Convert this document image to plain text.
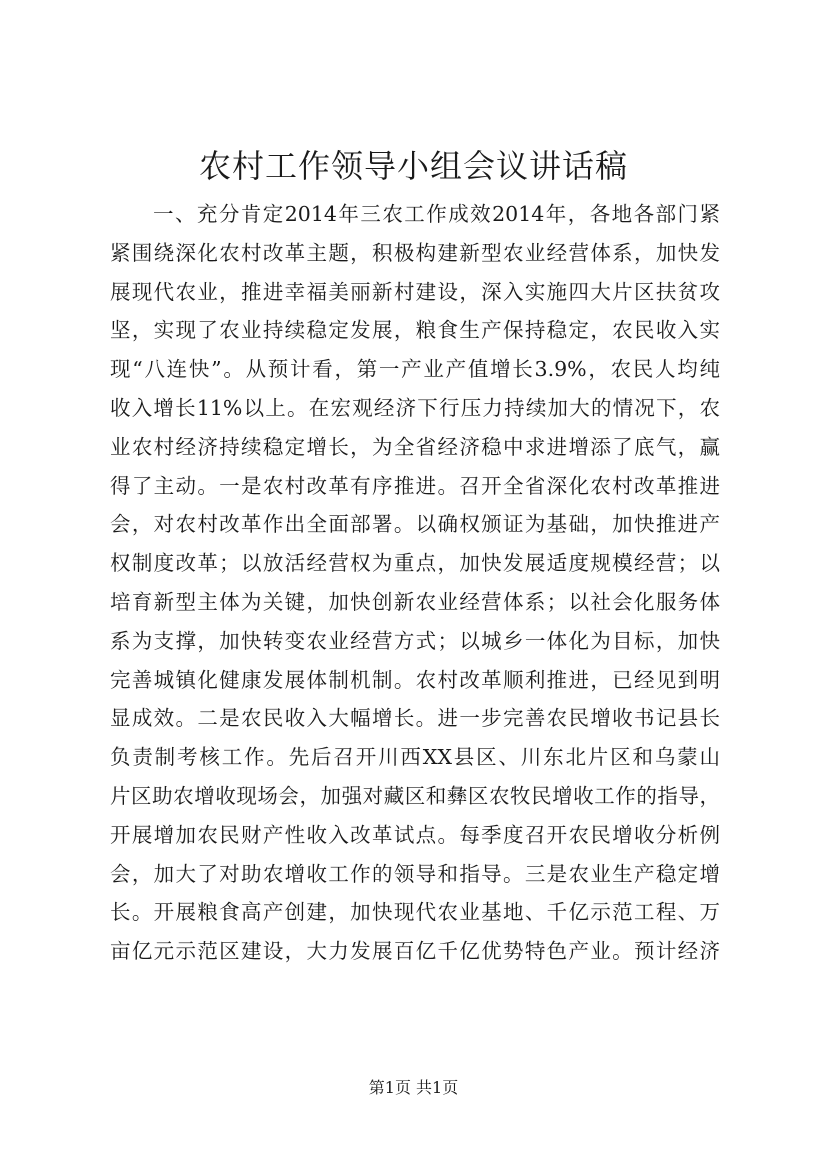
农村工作领导小组会议讲话稿
一、充分肯定2014年三农工作成效2014年，各地各部门紧
紧围绕深化农村改革主题，积极构建新型农业经营体系，加快发
展现代农业，推进幸福美丽新村建设，深入实施四大片区扶贫攻
坚，实现了农业持续稳定发展，粮食生产保持稳定，农民收入实
现“八连快”。从预计看，第一产业产值增长3.9%，农民人均纯
收入增长11%以上。在宏观经济下行压力持续加大的情况下，农
业农村经济持续稳定增长，为全省经济稳中求进增添了底气，赢
得了主动。一是农村改革有序推进。召开全省深化农村改革推进
会，对农村改革作出全面部署。以确权颁证为基础，加快推进产
权制度改革；以放活经营权为重点，加快发展适度规模经营；以
培育新型主体为关键，加快创新农业经营体系；以社会化服务体
系为支撑，加快转变农业经营方式；以城乡一体化为目标，加快
完善城镇化健康发展体制机制。农村改革顺利推进，已经见到明
显成效。二是农民收入大幅增长。进一步完善农民增收书记县长
负责制考核工作。先后召开川西XX县区、川东北片区和乌蒙山
片区助农增收现场会，加强对藏区和彝区农牧民增收工作的指导，
开展增加农民财产性收入改革试点。每季度召开农民增收分析例
会，加大了对助农增收工作的领导和指导。三是农业生产稳定增
长。开展粮食高产创建，加快现代农业基地、千亿示范工程、万
亩亿元示范区建设，大力发展百亿千亿优势特色产业。预计经济
第1页 共1页
